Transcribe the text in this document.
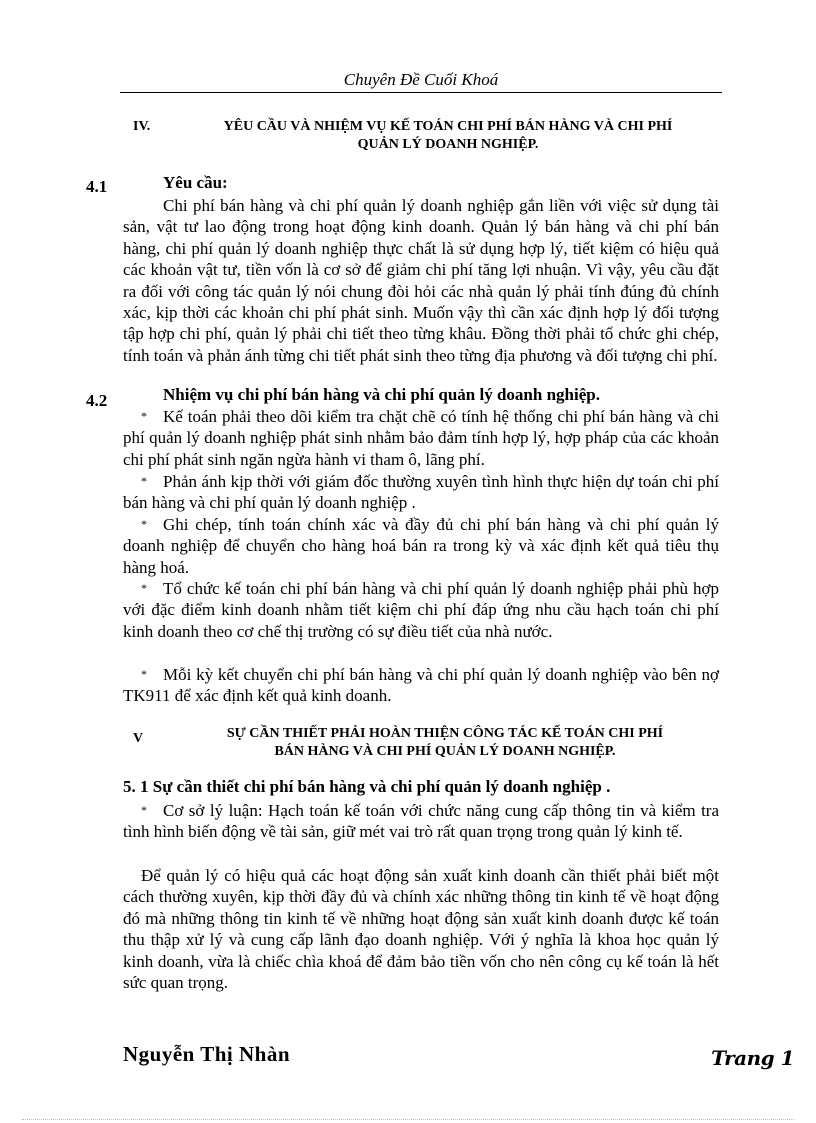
Chuyên Đề Cuối Khoá
IV.	YÊU CẦU VÀ NHIỆM VỤ KẾ TOÁN CHI PHÍ BÁN HÀNG VÀ CHI PHÍ
QUẢN LÝ DOANH NGHIỆP.
4.1	Yêu cầu:
Chi phí bán hàng và chi phí quản lý doanh nghiệp gắn liền với việc sử dụng tài sản, vật tư lao động trong hoạt động kinh doanh. Quản lý bán hàng và chi phí bán hàng, chi phí quản lý doanh nghiệp thực chất là sử dụng hợp lý, tiết kiệm có hiệu quả các khoản vật tư, tiền vốn là cơ sở để giảm chi phí tăng lợi nhuận. Vì vậy, yêu cầu đặt ra đối với công tác quản lý nói chung đòi hỏi các nhà quản lý phải tính đúng đủ chính xác, kịp thời các khoản chi phí phát sinh. Muốn vậy thì cần xác định hợp lý đối tượng tập hợp chi phí, quản lý phải chi tiết theo từng khâu. Đồng thời phải tổ chức ghi chép, tính toán và phản ánh từng chi tiết phát sinh theo từng địa phương và đối tượng chi phí.
4.2	Nhiệm vụ chi phí bán hàng và chi phí quản lý doanh nghiệp.
* Kế toán phải theo dõi kiểm tra chặt chẽ có tính hệ thống chi phí bán hàng và chi phí quản lý doanh nghiệp phát sinh nhằm bảo đảm tính hợp lý, hợp pháp của các khoản chi phí phát sinh ngăn ngừa hành vi tham ô, lãng phí.
* Phản ánh kịp thời với giám đốc thường xuyên tình hình thực hiện dự toán chi phí bán hàng và chi phí quản lý doanh nghiệp .
* Ghi chép, tính toán chính xác và đầy đủ chi phí bán hàng và chi phí quản lý doanh nghiệp để chuyển cho hàng hoá bán ra trong kỳ và xác định kết quả tiêu thụ hàng hoá.
* Tổ chức kế toán chi phí bán hàng và chi phí quản lý doanh nghiệp phải phù hợp với đặc điểm kinh doanh nhằm tiết kiệm chi phí đáp ứng nhu cầu hạch toán chi phí kinh doanh theo cơ chế thị trường có sự điều tiết của nhà nước.
* Mỗi kỳ kết chuyển chi phí bán hàng và chi phí quản lý doanh nghiệp vào bên nợ TK911 để xác định kết quả kinh doanh.
V	SỰ CẦN THIẾT PHẢI HOÀN THIỆN CÔNG TÁC KẾ TOÁN CHI PHÍ
BÁN HÀNG VÀ CHI PHÍ QUẢN LÝ DOANH NGHIỆP.
5. 1 Sự cần thiết chi phí bán hàng và chi phí quản lý doanh nghiệp .
* Cơ sở lý luận: Hạch toán kế toán với chức năng cung cấp thông tin và kiểm tra tình hình biến động về tài sản, giữ mét vai trò rất quan trọng trong quản lý kinh tế.
Để quản lý có hiệu quả các hoạt động sản xuất kinh doanh cần thiết phải biết một cách thường xuyên, kịp thời đầy đủ và chính xác những thông tin kinh tế về hoạt động đó mà những thông tin kinh tế về những hoạt động sản xuất kinh doanh được kế toán thu thập xử lý và cung cấp lãnh đạo doanh nghiệp. Với ý nghĩa là khoa học quản lý kinh doanh, vừa là chiếc chìa khoá để đảm bảo tiền vốn cho nên công cụ kế toán là hết sức quan trọng.
Nguyễn Thị Nhàn	Trang 1
